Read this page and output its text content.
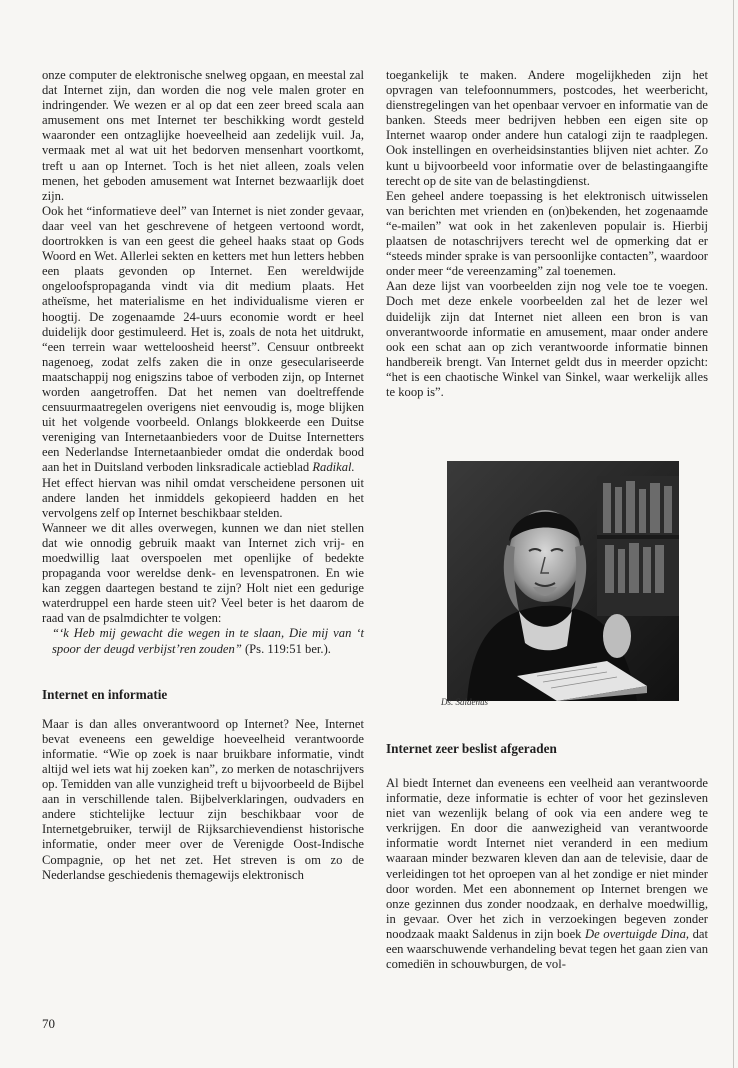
onze computer de elektronische snelweg opgaan, en meestal zal dat Internet zijn, dan worden die nog vele malen groter en indringender. We wezen er al op dat een zeer breed scala aan amusement ons met Internet ter beschikking wordt gesteld waaronder een ontzaglijke hoeveelheid aan zedelijk vuil. Ja, vermaak met al wat uit het bedorven mensenhart voortkomt, treft u aan op Internet. Toch is het niet alleen, zoals velen menen, het geboden amusement wat Internet bezwaarlijk doet zijn.

Ook het “informatieve deel” van Internet is niet zonder gevaar, daar veel van het geschrevene of hetgeen vertoond wordt, doortrokken is van een geest die geheel haaks staat op Gods Woord en Wet. Allerlei sekten en ketters met hun letters hebben een plaats gevonden op Internet. Een wereldwijde ongeloofspropaganda vindt via dit medium plaats. Het atheïsme, het materialisme en het individualisme vieren er hoogtij. De zogenaamde 24-uurs economie wordt er heel duidelijk door gestimuleerd. Het is, zoals de nota het uitdrukt, “een terrein waar wetteloosheid heerst”. Censuur ontbreekt nagenoeg, zodat zelfs zaken die in onze geseculariseerde maatschappij nog enigszins taboe of verboden zijn, op Internet worden aangetroffen. Dat het nemen van doeltreffende censuurmaatregelen overigens niet eenvoudig is, moge blijken uit het volgende voorbeeld. Onlangs blokkeerde een Duitse vereniging van Internetaanbieders voor de Duitse Internetters een Nederlandse Internetaanbieder omdat die onderdak bood aan het in Duitsland verboden linksradicale actieblad Radikal.

Het effect hiervan was nihil omdat verscheidene personen uit andere landen het inmiddels gekopieerd hadden en het vervolgens zelf op Internet beschikbaar stelden.

Wanneer we dit alles overwegen, kunnen we dan niet stellen dat wie onnodig gebruik maakt van Internet zich vrij- en moedwillig laat overspoelen met openlijke of bedekte propaganda voor wereldse denk- en levenspatronen. En wie kan zeggen daartegen bestand te zijn? Holt niet een gedurige waterdruppel een harde steen uit? Veel beter is het daarom de raad van de psalmdichter te volgen:

“‘k Heb mij gewacht die wegen in te slaan, Die mij van ‘t spoor der deugd verbijst’ren zouden” (Ps. 119:51 ber.).

Internet en informatie

Maar is dan alles onverantwoord op Internet? Nee, Internet bevat eveneens een geweldige hoeveelheid verantwoorde informatie. “Wie op zoek is naar bruikbare informatie, vindt altijd wel iets wat hij zoeken kan”, zo merken de notaschrijvers op. Temidden van alle vunzigheid treft u bijvoorbeeld de Bijbel aan in verschillende talen. Bijbelverklaringen, oudvaders en andere stichtelijke lectuur zijn beschikbaar voor de Internetgebruiker, terwijl de Rijksarchievendienst historische informatie, onder meer over de Verenigde Oost-Indische Compagnie, op het net zet. Het streven is om zo de Nederlandse geschiedenis themagewijs elektronisch

toegankelijk te maken. Andere mogelijkheden zijn het opvragen van telefoonnummers, postcodes, het weerbericht, dienstregelingen van het openbaar vervoer en informatie van de banken. Steeds meer bedrijven hebben een eigen site op Internet waarop onder andere hun catalogi zijn te raadplegen. Ook instellingen en overheidsinstanties blijven niet achter. Zo kunt u bijvoorbeeld voor informatie over de belastingaangifte terecht op de site van de belastingdienst.

Een geheel andere toepassing is het elektronisch uitwisselen van berichten met vrienden en (on)bekenden, het zogenaamde “e-mailen” wat ook in het zakenleven populair is. Hierbij plaatsen de notaschrijvers terecht wel de opmerking dat er “steeds minder sprake is van persoonlijke contacten”, waardoor onder meer “de vereenzaming” zal toenemen.

Aan deze lijst van voorbeelden zijn nog vele toe te voegen. Doch met deze enkele voorbeelden zal het de lezer wel duidelijk zijn dat Internet niet alleen een bron is van onverantwoorde informatie en amusement, maar onder andere ook een schat aan op zich verantwoorde informatie binnen handbereik brengt. Van Internet geldt dus in meerder opzicht: “het is een chaotische Winkel van Sinkel, waar werkelijk alles te koop is”.

Ds. Saldenus

Internet zeer beslist afgeraden

Al biedt Internet dan eveneens een veelheid aan verantwoorde informatie, deze informatie is echter of voor het gezinsleven niet van wezenlijk belang of ook via een andere weg te verkrijgen. En door die aanwezigheid van verantwoorde informatie wordt Internet niet veranderd in een medium waaraan minder bezwaren kleven dan aan de televisie, daar de verleidingen tot het oproepen van al het zondige er niet minder door worden. Met een abonnement op Internet brengen we onze gezinnen dus zonder noodzaak, en derhalve moedwillig, in gevaar. Over het zich in verzoekingen begeven zonder noodzaak maakt Saldenus in zijn boek De overtuigde Dina, dat een waarschuwende verhandeling bevat tegen het gaan zien van comediën in schouwburgen, de vol-

70
